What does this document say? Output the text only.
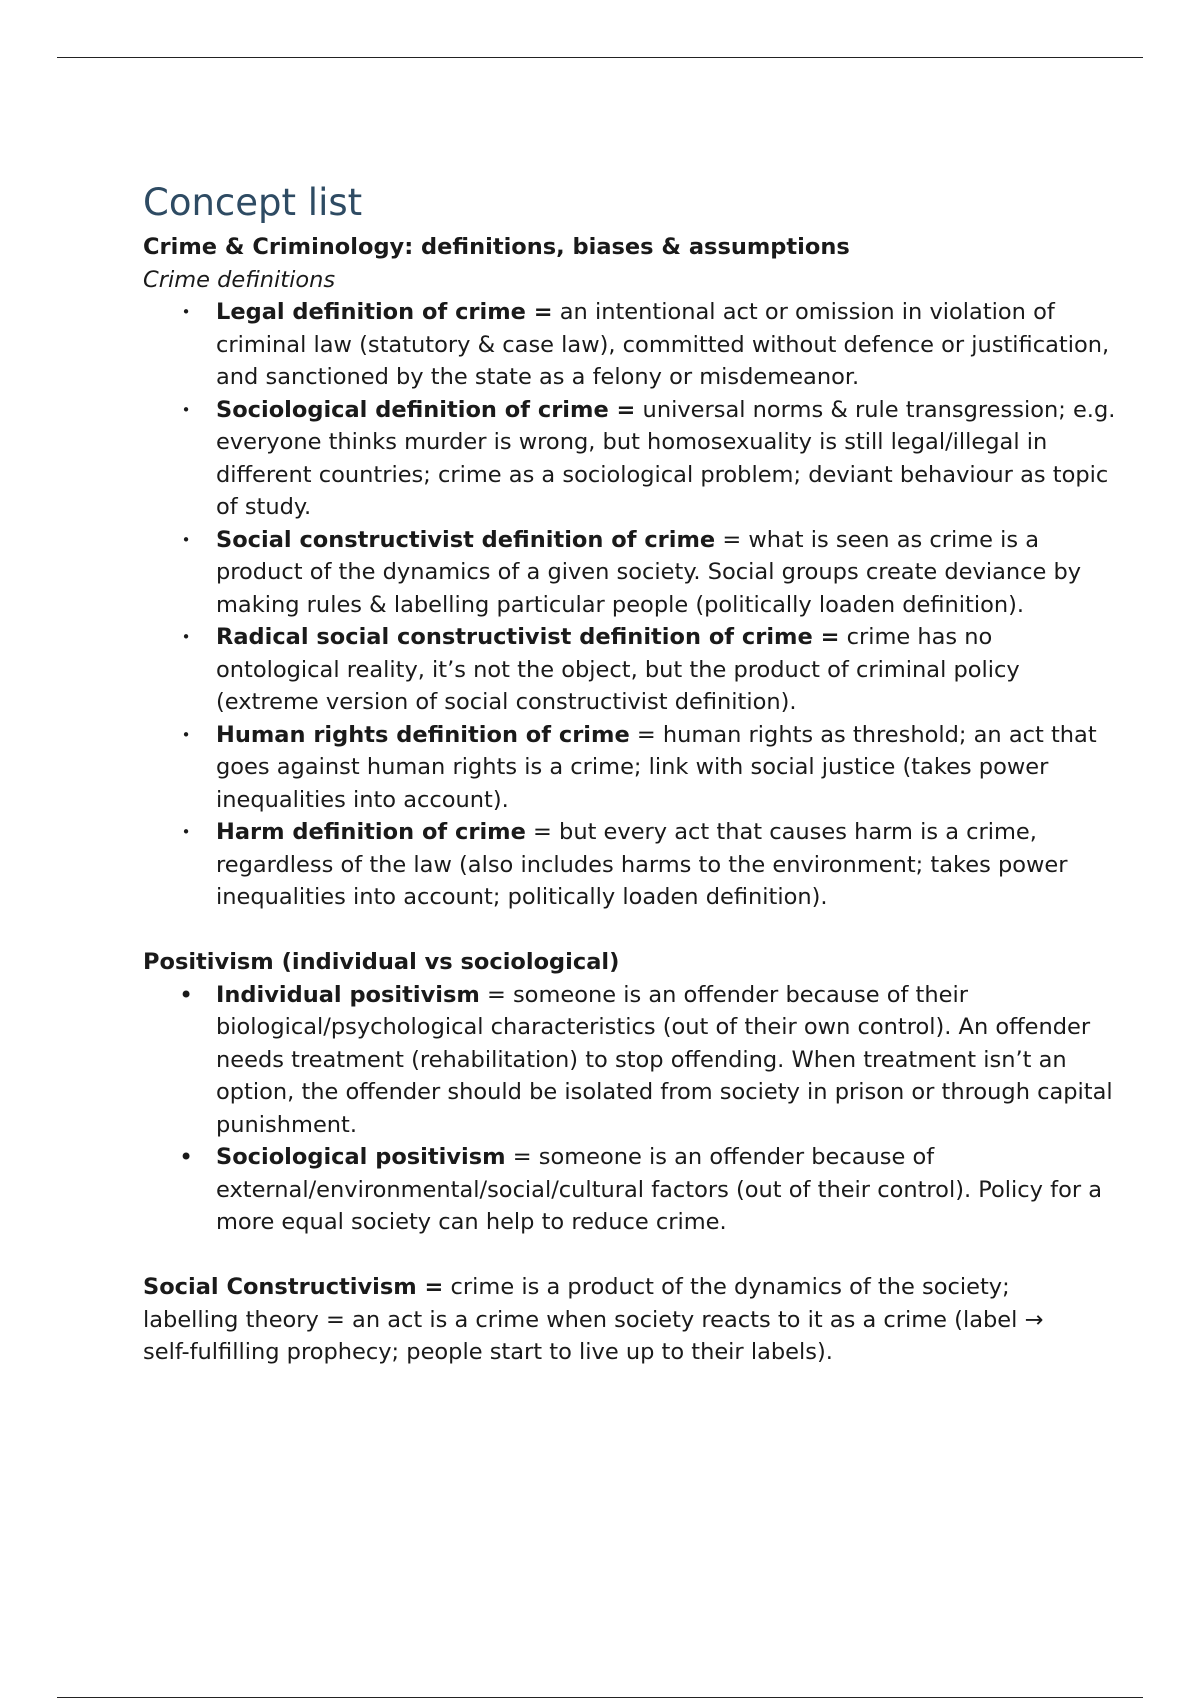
Concept list

Crime & Criminology: definitions, biases & assumptions

Crime definitions

• Legal definition of crime = an intentional act or omission in violation of criminal law (statutory & case law), committed without defence or justification, and sanctioned by the state as a felony or misdemeanor.
• Sociological definition of crime = universal norms & rule transgression; e.g. everyone thinks murder is wrong, but homosexuality is still legal/illegal in different countries; crime as a sociological problem; deviant behaviour as topic of study.
• Social constructivist definition of crime = what is seen as crime is a product of the dynamics of a given society. Social groups create deviance by making rules & labelling particular people (politically loaden definition).
• Radical social constructivist definition of crime = crime has no ontological reality, it’s not the object, but the product of criminal policy (extreme version of social constructivist definition).
• Human rights definition of crime = human rights as threshold; an act that goes against human rights is a crime; link with social justice (takes power inequalities into account).
• Harm definition of crime = but every act that causes harm is a crime, regardless of the law (also includes harms to the environment; takes power inequalities into account; politically loaden definition).

Positivism (individual vs sociological)

• Individual positivism = someone is an offender because of their biological/psychological characteristics (out of their own control). An offender needs treatment (rehabilitation) to stop offending. When treatment isn’t an option, the offender should be isolated from society in prison or through capital punishment.
• Sociological positivism = someone is an offender because of external/environmental/social/cultural factors (out of their control). Policy for a more equal society can help to reduce crime.

Social Constructivism = crime is a product of the dynamics of the society; labelling theory = an act is a crime when society reacts to it as a crime (label → self-fulfilling prophecy; people start to live up to their labels).
